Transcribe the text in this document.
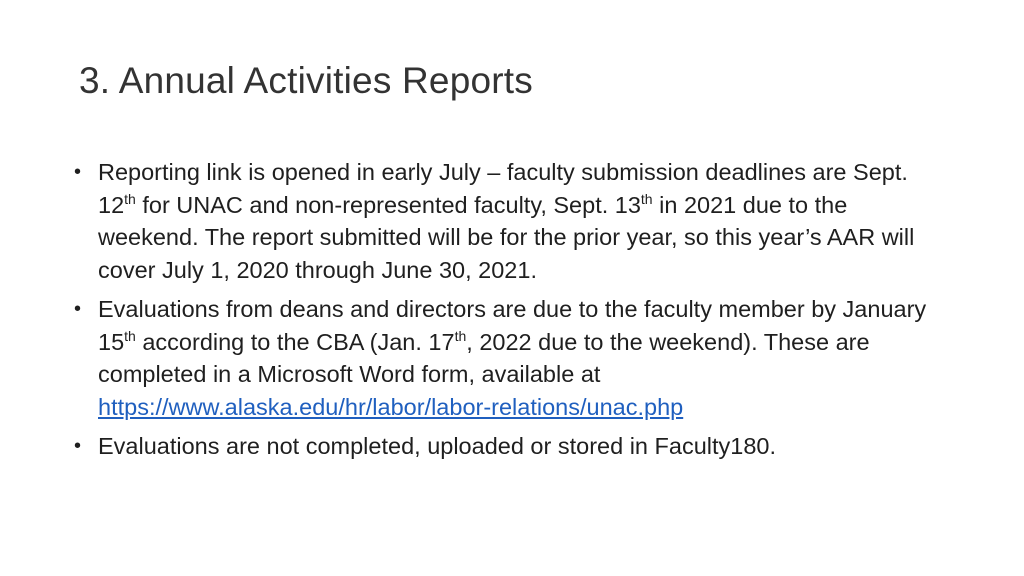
3. Annual Activities Reports
• Reporting link is opened in early July – faculty submission deadlines are Sept. 12th for UNAC and non-represented faculty, Sept. 13th in 2021 due to the weekend. The report submitted will be for the prior year, so this year’s AAR will cover July 1, 2020 through June 30, 2021.
• Evaluations from deans and directors are due to the faculty member by January 15th according to the CBA (Jan. 17th, 2022 due to the weekend). These are completed in a Microsoft Word form, available at https://www.alaska.edu/hr/labor/labor-relations/unac.php
• Evaluations are not completed, uploaded or stored in Faculty180.
